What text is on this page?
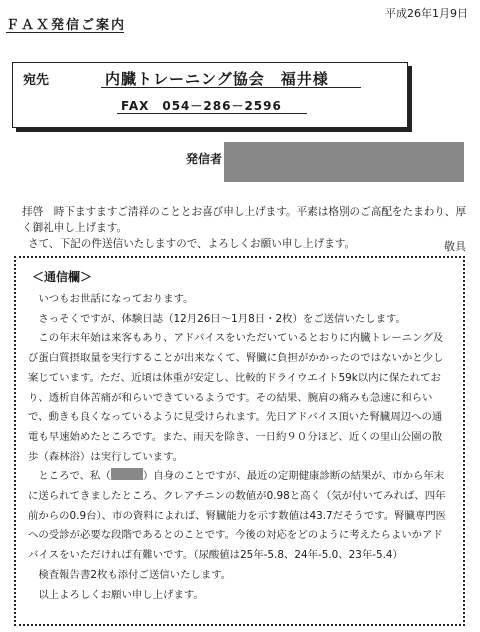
平成26年1月9日
ＦＡＸ発信ご案内
宛先	内臓トレーニング協会　福井様
FAX　054－286－2596
発信者

拝啓　時下ますますご清祥のこととお喜び申し上げます。平素は格別のご高配をたまわり、厚く御礼申し上げます。

さて、下記の件送信いたしますので、よろしくお願い申し上げます。	敬具
＜通信欄＞

いつもお世話になっております。

さっそくですが、体験日誌（12月26日～1月8日・2枚）をご送信いたします。

この年末年始は来客もあり、アドバイスをいただいているとおりに内臓トレーニング及び蛋白質摂取量を実行することが出来なくて、腎臓に負担がかかったのではないかと少し案じています。ただ、近頃は体重が安定し、比較的ドライウエイト59k以内に保たれており、透析自体苦痛が和らいできているようです。その結果、腕肩の痛みも急速に和らいで、動きも良くなっているように見受けられます。先日アドバイス頂いた腎臓周辺への通電も早速始めたところです。また、雨天を除き、一日約９０分ほど、近くの里山公園の散歩（森林浴）は実行しています。

ところで、私（	）自身のことですが、最近の定期健康診断の結果が、市から年末に送られてきましたところ、クレアチニンの数値が0.98と高く（気が付いてみれば、四年前からの0.9台）、市の資料によれば、腎臓能力を示す数値は43.7だそうです。腎臓専門医への受診が必要な段階であるとのことです。今後の対応をどのように考えたらよいかアドバイスをいただければ有難いです。（尿酸値は25年-5.8、24年-5.0、23年-5.4）

検査報告書2枚も添付ご送信いたします。

以上よろしくお願い申し上げます。
